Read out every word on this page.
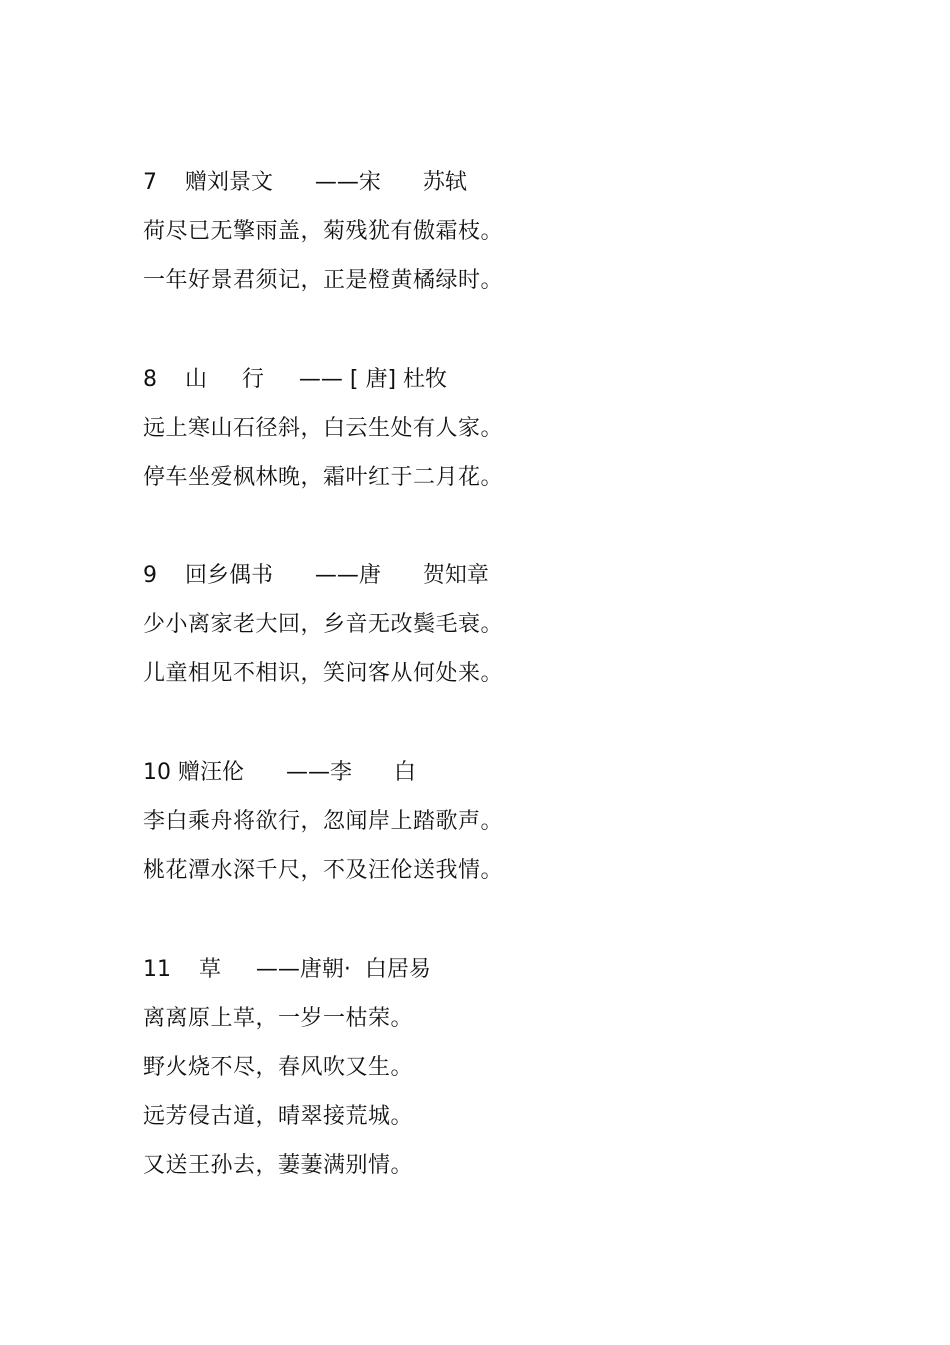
7    赠刘景文      ——宋      苏轼
荷尽已无擎雨盖，菊残犹有傲霜枝。
一年好景君须记，正是橙黄橘绿时。
8    山     行     —— [ 唐] 杜牧
远上寒山石径斜，白云生处有人家。
停车坐爱枫林晚，霜叶红于二月花。
9    回乡偶书      ——唐      贺知章
少小离家老大回，乡音无改鬓毛衰。
儿童相见不相识，笑问客从何处来。
10 赠汪伦      ——李      白
李白乘舟将欲行，忽闻岸上踏歌声。
桃花潭水深千尺，不及汪伦送我情。
11    草     ——唐朝·  白居易
离离原上草，一岁一枯荣。
野火烧不尽，春风吹又生。
远芳侵古道，晴翠接荒城。
又送王孙去，萋萋满别情。
